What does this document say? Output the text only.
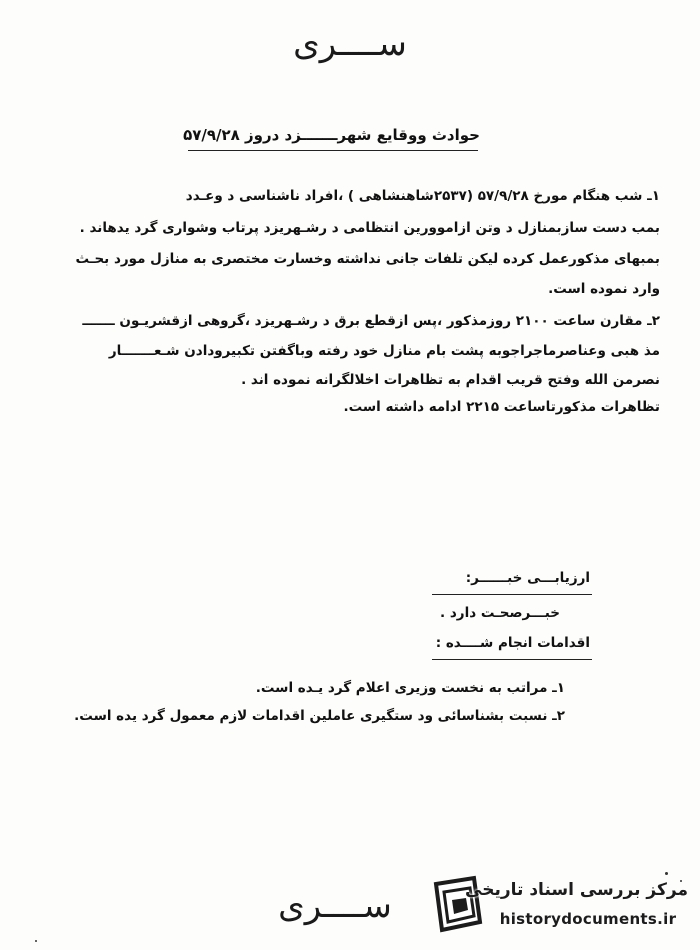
ســــری
حوادث ووقایع شهرـــــــزد دروز ۵۷/۹/۲۸
۱ـ شب هنگام مورخ ۵۷/۹/۲۸ (۲۵۳۷شاهنشاهی ) ،افراد ناشناسی د وعـدد
بمب دست سازبمنازل د وتن ازاموورین انتظامی د رشـهریزد پرتاب وشواری گرد یدهاند .
بمبهای مذکورعمل کرده لیکن تلفات جانی نداشته وخسارت مختصری به منازل مورد بحـث
وارد نموده است.
۲ـ مقارن ساعت ۲۱۰۰ روزمذکور ،پس ازقطع برق د رشـهریزد ،گروهی ازقشریـون ـــــــ
مذ هبی وعناصرماجراجوبه پشت بام منازل خود رفته وباگفتن تکبیرودادن شـعـــــــار
نصرمن الله وفتح قریب اقدام به تظاهرات اخلالگرانه نموده اند .
تظاهرات مذکورتاساعت ۲۲۱۵ ادامه داشته است.
ارزیابـــی خبــــــر:
خبـــرصحـت دارد .
اقدامات انجام شــــده :
۱ـ مراتب به نخست وزیری اعلام گرد یـده است.
۲ـ نسبت بشناسائی ود ستگیری عاملین اقدامات لازم معمول گرد یده است.
ســــری	مرکز بررسی اسناد تاریخی
historydocuments.ir
